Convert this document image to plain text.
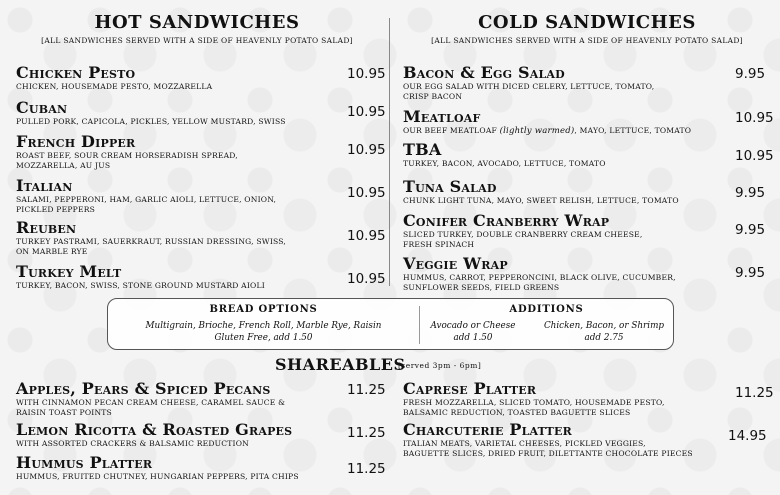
HOT SANDWICHES
[ALL SANDWICHES SERVED WITH A SIDE OF HEAVENLY POTATO SALAD]
Chicken Pesto
CHICKEN, HOUSEMADE PESTO, MOZZARELLA
10.95
Cuban
PULLED PORK, CAPICOLA, PICKLES, YELLOW MUSTARD, SWISS
10.95
French Dipper
ROAST BEEF, SOUR CREAM HORSERADISH SPREAD,
MOZZARELLA, AU JUS
10.95
Italian
SALAMI, PEPPERONI, HAM, GARLIC AIOLI, LETTUCE, ONION,
PICKLED PEPPERS
10.95
Reuben
TURKEY PASTRAMI, SAUERKRAUT, RUSSIAN DRESSING, SWISS,
ON MARBLE RYE
10.95
Turkey Melt
TURKEY, BACON, SWISS, STONE GROUND MUSTARD AIOLI	10.95
COLD SANDWICHES
[ALL SANDWICHES SERVED WITH A SIDE OF HEAVENLY POTATO SALAD]
Bacon & Egg Salad
OUR EGG SALAD WITH DICED CELERY, LETTUCE, TOMATO,
CRISP BACON
9.95
Meatloaf
OUR BEEF MEATLOAF (lightly warmed), MAYO, LETTUCE, TOMATO
10.95
TBA
TURKEY, BACON, AVOCADO, LETTUCE, TOMATO	10.95
Tuna Salad
CHUNK LIGHT TUNA, MAYO, SWEET RELISH, LETTUCE, TOMATO	9.95
Conifer Cranberry Wrap
SLICED TURKEY, DOUBLE CRANBERRY CREAM CHEESE,
FRESH SPINACH
9.95
Veggie Wrap
HUMMUS, CARROT, PEPPERONCINI, BLACK OLIVE, CUCUMBER,
SUNFLOWER SEEDS, FIELD GREENS
9.95
BREAD OPTIONS
Multigrain, Brioche, French Roll, Marble Rye, Raisin
Gluten Free, add 1.50
ADDITIONS
Avocado or Cheese
add 1.50
Chicken, Bacon, or Shrimp
add 2.75
SHAREABLES
[served 3pm - 6pm]
Apples, Pears & Spiced Pecans
WITH CINNAMON PECAN CREAM CHEESE, CARAMEL SAUCE &
RAISIN TOAST POINTS
11.25
Lemon Ricotta & Roasted Grapes
WITH ASSORTED CRACKERS & BALSAMIC REDUCTION
11.25
Hummus Platter
HUMMUS, FRUITED CHUTNEY, HUNGARIAN PEPPERS, PITA CHIPS	11.25
Caprese Platter
FRESH MOZZARELLA, SLICED TOMATO, HOUSEMADE PESTO,
BALSAMIC REDUCTION, TOASTED BAGUETTE SLICES
11.25
Charcuterie Platter
ITALIAN MEATS, VARIETAL CHEESES, PICKLED VEGGIES,
BAGUETTE SLICES, DRIED FRUIT, DILETTANTE CHOCOLATE PIECES
14.95
